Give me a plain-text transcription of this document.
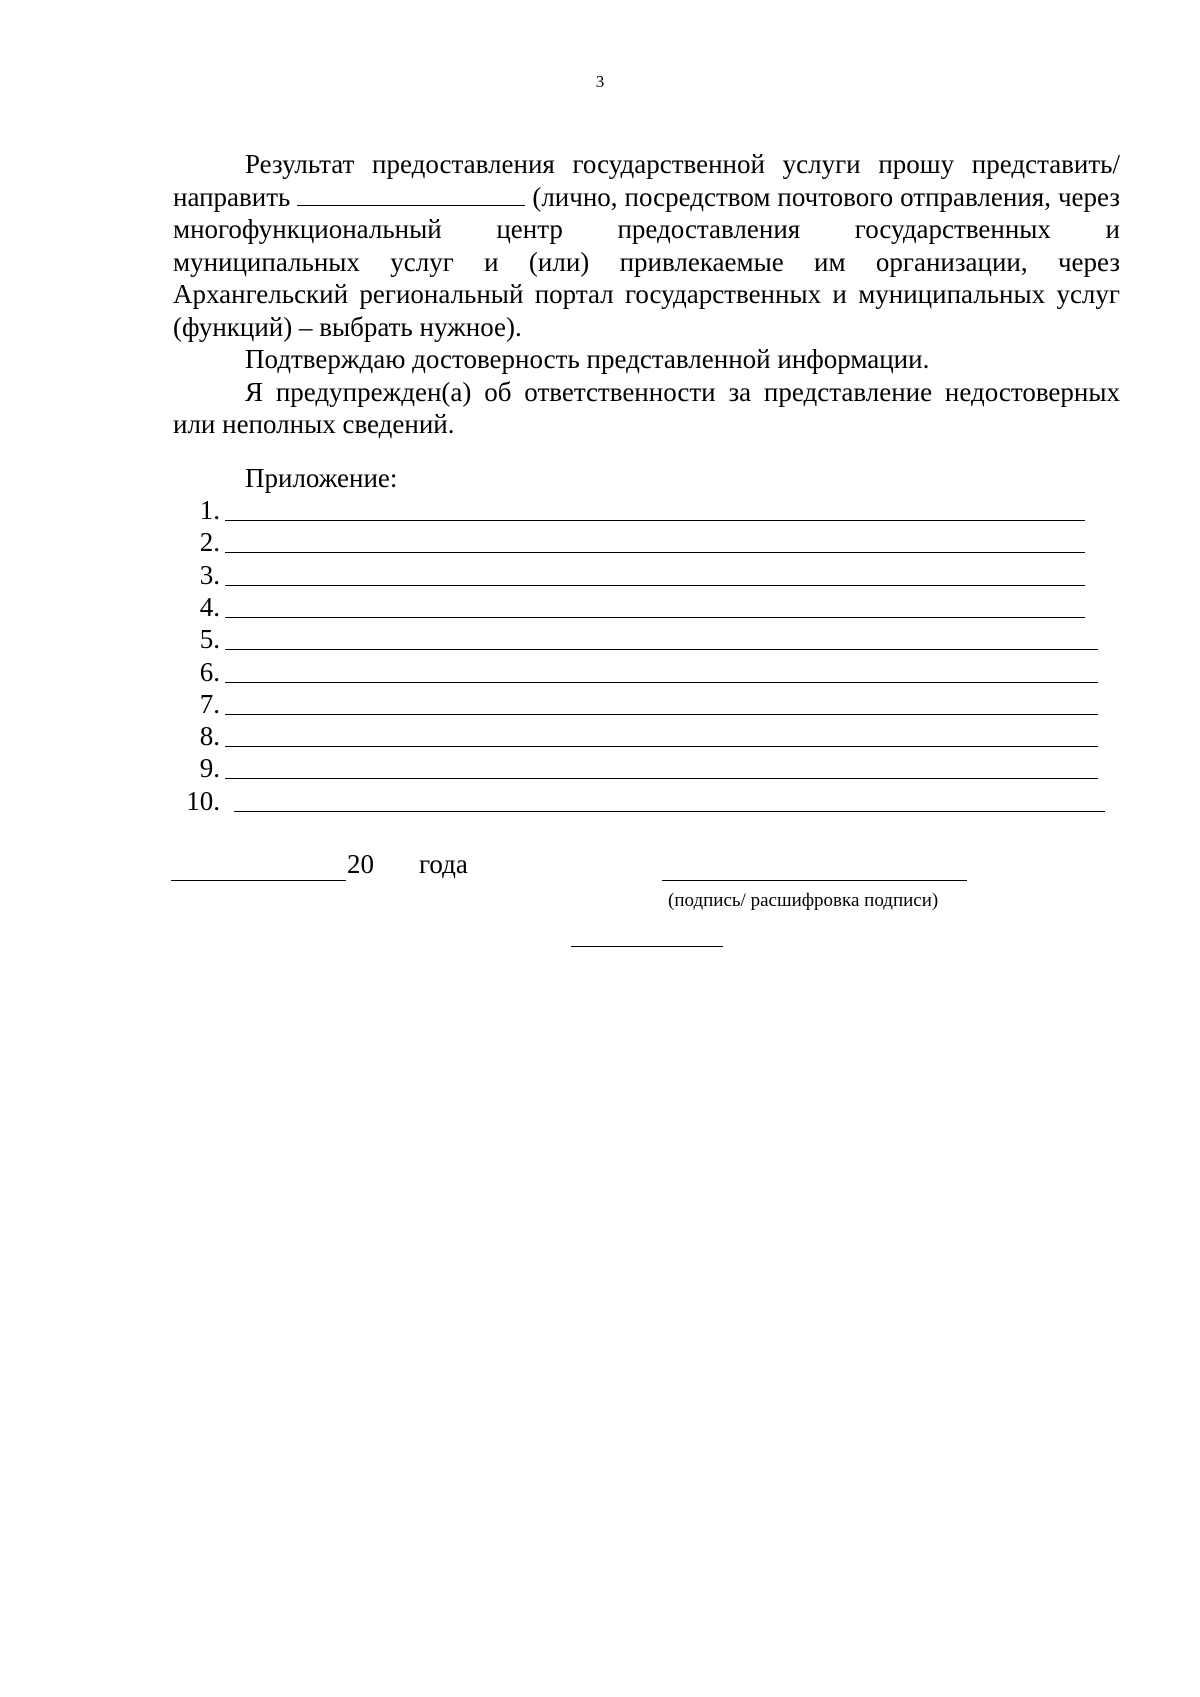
3

Результат предоставления государственной услуги прошу представить/направить	(лично, посредством почтового отправления, через многофункциональный центр предоставления государственных и муниципальных услуг и (или) привлекаемые им организации, через Архангельский региональный портал государственных и муниципальных услуг (функций) – выбрать нужное).

Подтверждаю достоверность представленной информации.

Я предупрежден(а) об ответственности за представление недостоверных или неполных сведений.

Приложение:
1.
2.
3.
4.
5.
6.
7.
8.
9.
10.
20 года
(подпись/ расшифровка подписи)
